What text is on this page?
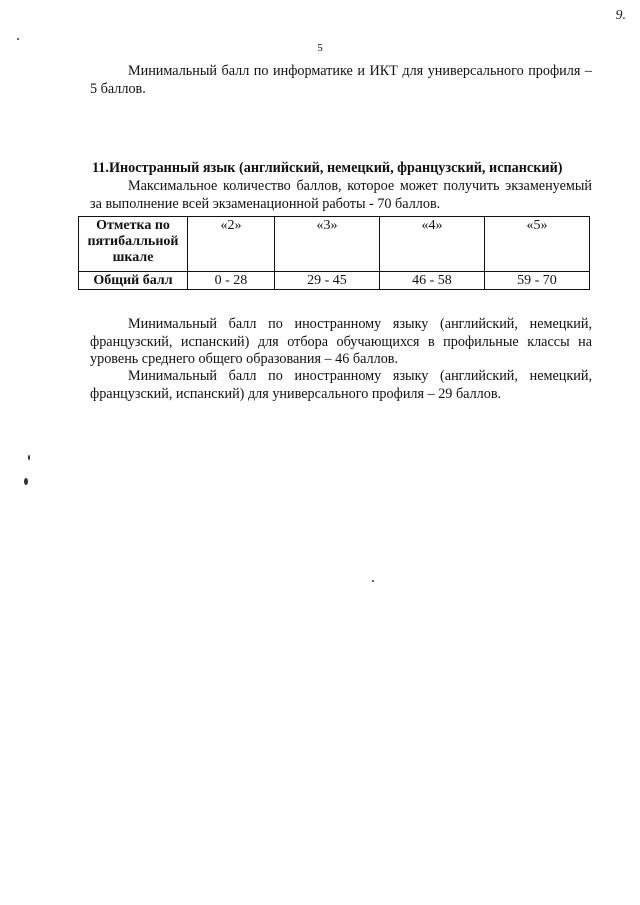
9.
5
Минимальный балл по информатике и ИКТ для универсального профиля – 5 баллов.
11.Иностранный язык (английский, немецкий, французский, испанский)
Максимальное количество баллов, которое может получить экзаменуемый за выполнение всей экзаменационной работы - 70 баллов.
Отметка по пятибалльной шкале	«2»	«3»	«4»	«5»
Общий балл	0 - 28	29 - 45	46 - 58	59 - 70
Минимальный балл по иностранному языку (английский, немецкий, французский, испанский) для отбора обучающихся в профильные классы на уровень среднего общего образования – 46 баллов.
Минимальный балл по иностранному языку (английский, немецкий, французский, испанский) для универсального профиля – 29 баллов.
